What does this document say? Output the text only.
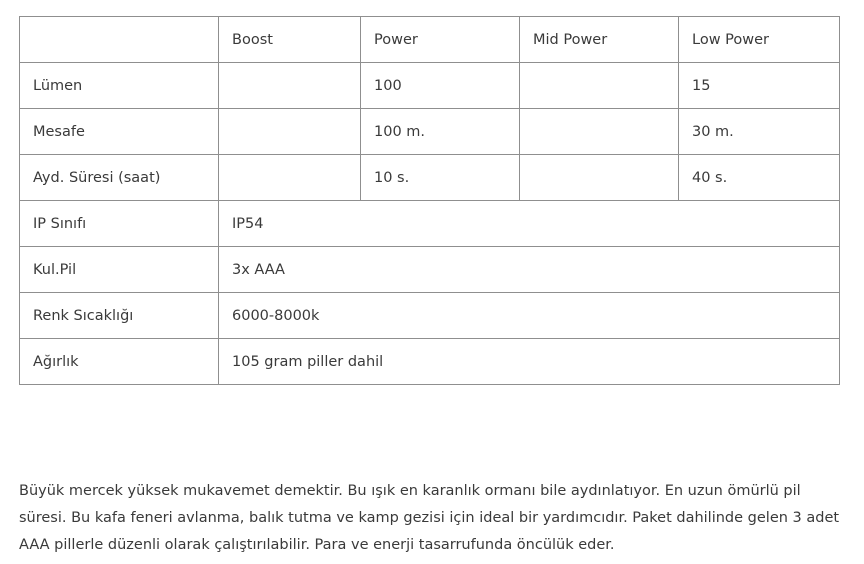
	Boost	Power	Mid Power	Low Power
Lümen		100		15
Mesafe		100 m.		30 m.
Ayd. Süresi (saat)		10 s.		40 s.
IP Sınıfı	IP54			
Kul.Pil	3x AAA			
Renk Sıcaklığı	6000-8000k			
Ağırlık	105 gram piller dahil			

Büyük mercek yüksek mukavemet demektir. Bu ışık en karanlık ormanı bile aydınlatıyor. En uzun ömürlü pil süresi. Bu kafa feneri avlanma, balık tutma ve kamp gezisi için ideal bir yardımcıdır. Paket dahilinde gelen 3 adet AAA pillerle düzenli olarak çalıştırılabilir. Para ve enerji tasarrufunda öncülük eder.
